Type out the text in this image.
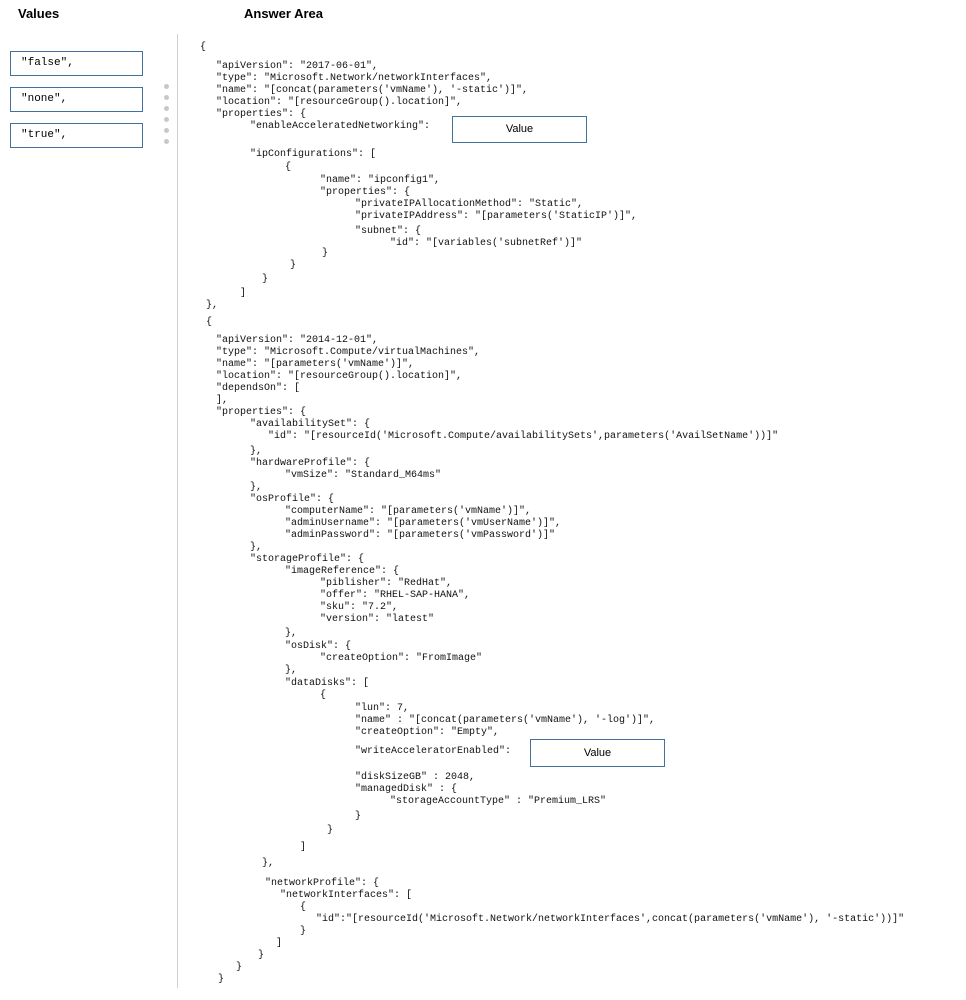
Values	Answer Area
"false",
"none",
"true",
{
"apiVersion": "2017-06-01",
"type": "Microsoft.Network/networkInterfaces",
"name": "[concat(parameters('vmName'), '-static')]",
"location": "[resourceGroup().location]",
"properties": {
"enableAcceleratedNetworking":
"ipConfigurations": [
{
"name": "ipconfig1",
"properties": {
"privateIPAllocationMethod": "Static",
"privateIPAddress": "[parameters('StaticIP')]",
"subnet": {
"id": "[variables('subnetRef')]"
}
}
}
]
},
{
"apiVersion": "2014-12-01",
"type": "Microsoft.Compute/virtualMachines",
"name": "[parameters('vmName')]",
"location": "[resourceGroup().location]",
"dependsOn": [
],
"properties": {
"availabilitySet": {
"id": "[resourceId('Microsoft.Compute/availabilitySets',parameters('AvailSetName'))]"
},
"hardwareProfile": {
"vmSize": "Standard_M64ms"
},
"osProfile": {
"computerName": "[parameters('vmName')]",
"adminUsername": "[parameters('vmUserName')]",
"adminPassword": "[parameters('vmPassword')]"
},
"storageProfile": {
"imageReference": {
"piblisher": "RedHat",
"offer": "RHEL-SAP-HANA",
"sku": "7.2",
"version": "latest"
},
"osDisk": {
"createOption": "FromImage"
},
"dataDisks": [
{
"lun": 7,
"name" : "[concat(parameters('vmName'), '-log')]",
"createOption": "Empty",
"writeAcceleratorEnabled":
"diskSizeGB" : 2048,
"managedDisk" : {
"storageAccountType" : "Premium_LRS"
}
}
]
},
"networkProfile": {
"networkInterfaces": [
{
"id":"[resourceId('Microsoft.Network/networkInterfaces',concat(parameters('vmName'), '-static'))]"
}
]
}
}
}
Value
Value
